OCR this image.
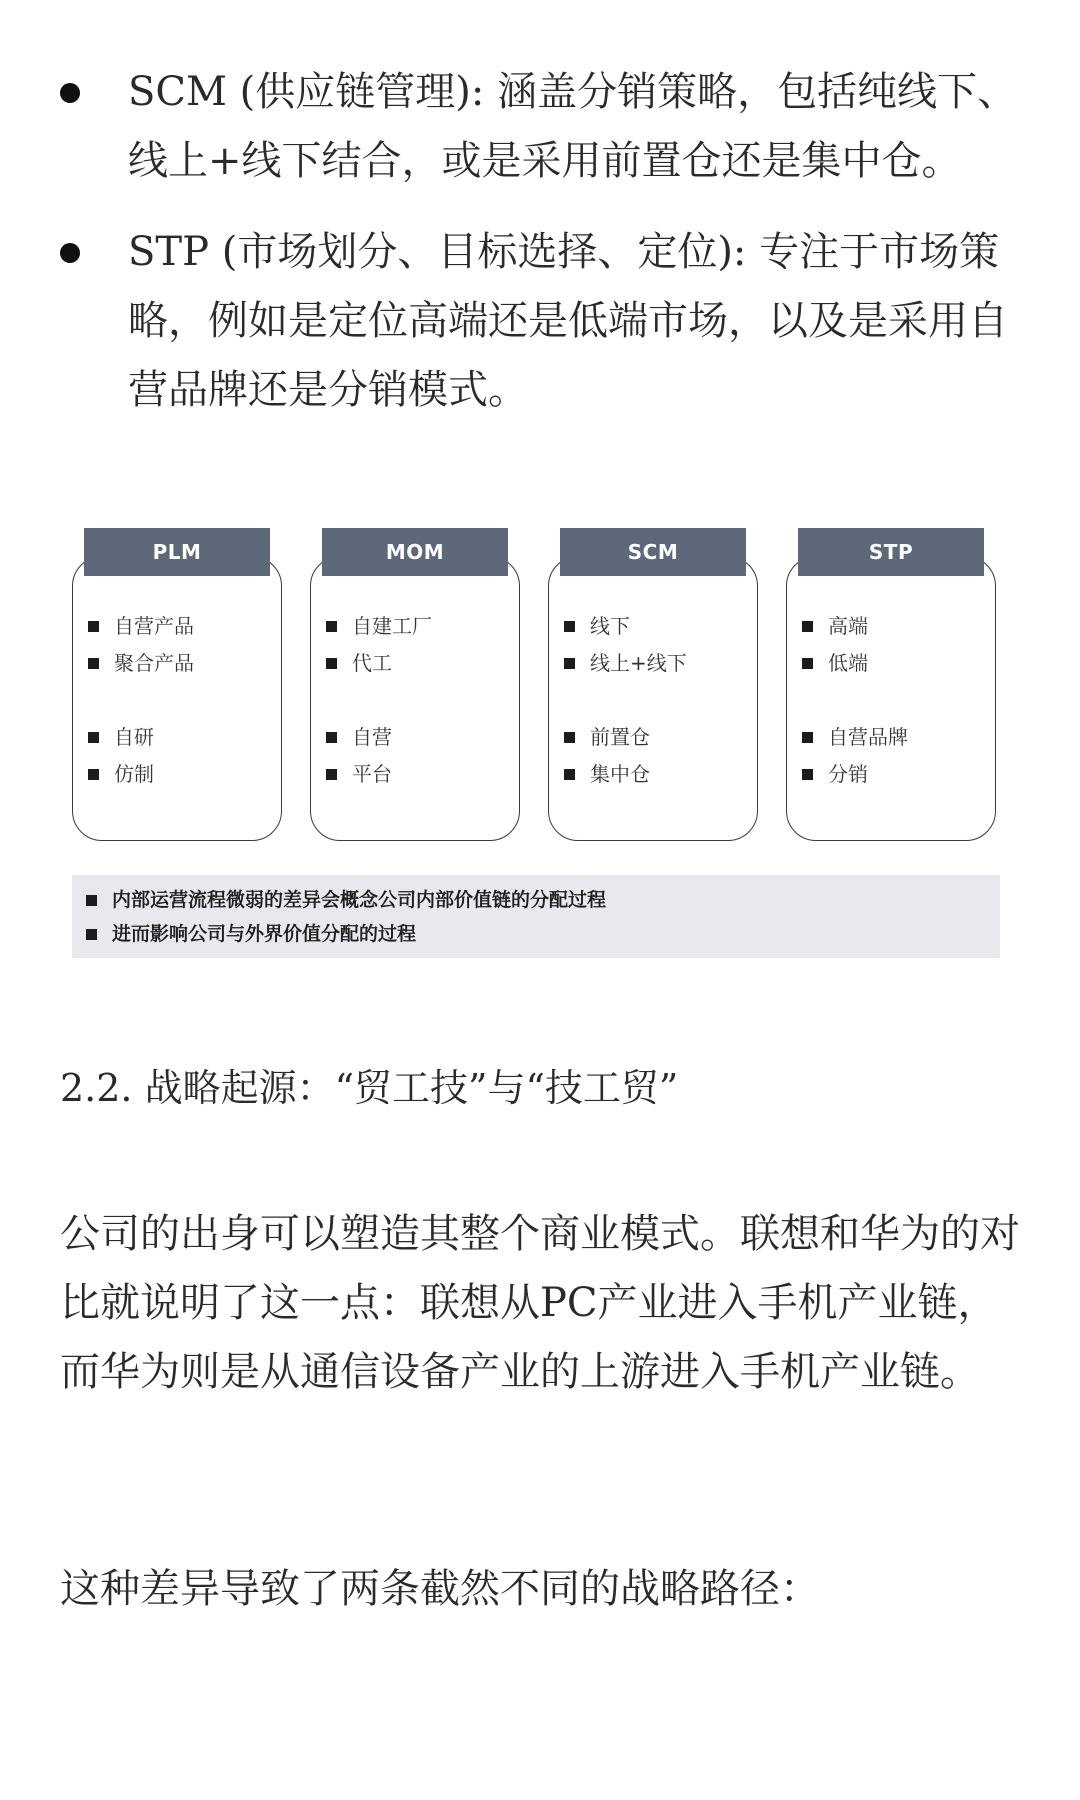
SCM (供应链管理): 涵盖分销策略，包括纯线下、线上+线下结合，或是采用前置仓还是集中仓。
STP (市场划分、目标选择、定位): 专注于市场策略，例如是定位高端还是低端市场，以及是采用自营品牌还是分销模式。
PLM
自营产品
聚合产品
自研
仿制
MOM
自建工厂
代工
自营
平台
SCM
线下
线上+线下
前置仓
集中仓
STP
高端
低端
自营品牌
分销
内部运营流程微弱的差异会概念公司内部价值链的分配过程
进而影响公司与外界价值分配的过程
2.2. 战略起源：“贸工技”与“技工贸”
公司的出身可以塑造其整个商业模式。联想和华为的对比就说明了这一点：联想从PC产业进入手机产业链，而华为则是从通信设备产业的上游进入手机产业链。
这种差异导致了两条截然不同的战略路径：
